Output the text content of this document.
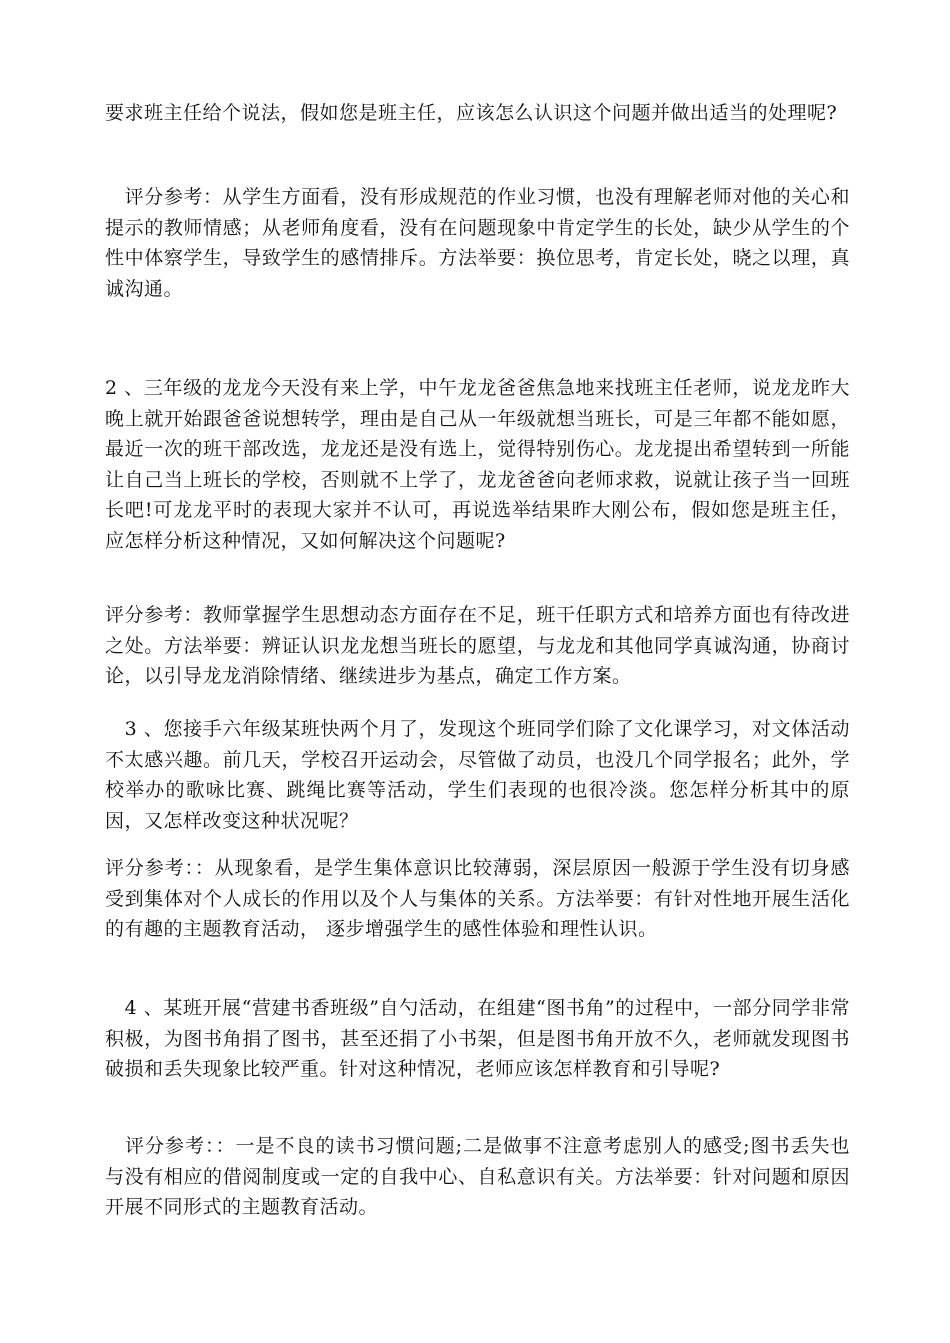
要求班主任给个说法，假如您是班主任，应该怎么认识这个问题并做出适当的处理呢?

　评分参考：从学生方面看，没有形成规范的作业习惯，也没有理解老师对他的关心和提示的教师情感；从老师角度看，没有在问题现象中肯定学生的长处，缺少从学生的个性中体察学生，导致学生的感情排斥。方法举要：换位思考，肯定长处，晓之以理，真诚沟通。

2 、三年级的龙龙今天没有来上学，中午龙龙爸爸焦急地来找班主任老师，说龙龙昨大晚上就开始跟爸爸说想转学，理由是自己从一年级就想当班长，可是三年都不能如愿，最近一次的班干部改选，龙龙还是没有选上，觉得特别伤心。龙龙提出希望转到一所能让自己当上班长的学校，否则就不上学了，龙龙爸爸向老师求救，说就让孩子当一回班长吧!可龙龙平时的表现大家并不认可，再说选举结果昨大刚公布，假如您是班主任，应怎样分析这种情况，又如何解决这个问题呢?

评分参考：教师掌握学生思想动态方面存在不足，班干任职方式和培养方面也有待改进之处。方法举要：辨证认识龙龙想当班长的愿望，与龙龙和其他同学真诚沟通，协商讨论，以引导龙龙消除情绪、继续进步为基点，确定工作方案。

　3 、您接手六年级某班快两个月了，发现这个班同学们除了文化课学习，对文体活动不太感兴趣。前几天，学校召开运动会，尽管做了动员，也没几个同学报名；此外，学校举办的歌咏比赛、跳绳比赛等活动，学生们表现的也很冷淡。您怎样分析其中的原因，又怎样改变这种状况呢？

评分参考：：从现象看，是学生集体意识比较薄弱，深层原因一般源于学生没有切身感受到集体对个人成长的作用以及个人与集体的关系。方法举要：有针对性地开展生活化的有趣的主题教育活动， 逐步增强学生的感性体验和理性认识。

　4 、某班开展“营建书香班级”自勺活动，在组建“图书角”的过程中，一部分同学非常积极，为图书角捐了图书，甚至还捐了小书架，但是图书角开放不久，老师就发现图书破损和丢失现象比较严重。针对这种情况，老师应该怎样教育和引导呢?

　评分参考：：一是不良的读书习惯问题;二是做事不注意考虑别人的感受;图书丢失也与没有相应的借阅制度或一定的自我中心、自私意识有关。方法举要：针对问题和原因开展不同形式的主题教育活动。
